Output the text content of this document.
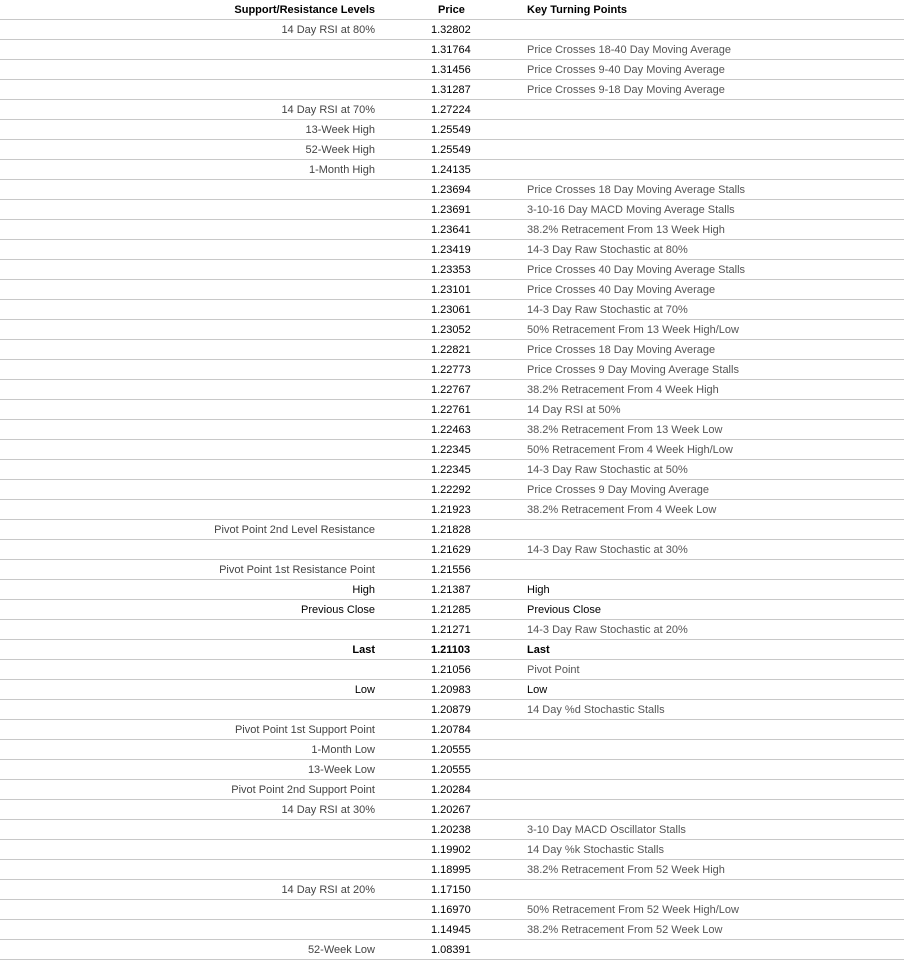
Support/Resistance Levels	Price	Key Turning Points
14 Day RSI at 80%	1.32802	
	1.31764	Price Crosses 18-40 Day Moving Average
	1.31456	Price Crosses 9-40 Day Moving Average
	1.31287	Price Crosses 9-18 Day Moving Average
14 Day RSI at 70%	1.27224	
13-Week High	1.25549	
52-Week High	1.25549	
1-Month High	1.24135	
	1.23694	Price Crosses 18 Day Moving Average Stalls
	1.23691	3-10-16 Day MACD Moving Average Stalls
	1.23641	38.2% Retracement From 13 Week High
	1.23419	14-3 Day Raw Stochastic at 80%
	1.23353	Price Crosses 40 Day Moving Average Stalls
	1.23101	Price Crosses 40 Day Moving Average
	1.23061	14-3 Day Raw Stochastic at 70%
	1.23052	50% Retracement From 13 Week High/Low
	1.22821	Price Crosses 18 Day Moving Average
	1.22773	Price Crosses 9 Day Moving Average Stalls
	1.22767	38.2% Retracement From 4 Week High
	1.22761	14 Day RSI at 50%
	1.22463	38.2% Retracement From 13 Week Low
	1.22345	50% Retracement From 4 Week High/Low
	1.22345	14-3 Day Raw Stochastic at 50%
	1.22292	Price Crosses 9 Day Moving Average
	1.21923	38.2% Retracement From 4 Week Low
Pivot Point 2nd Level Resistance	1.21828	
	1.21629	14-3 Day Raw Stochastic at 30%
Pivot Point 1st Resistance Point	1.21556	
High	1.21387	High
Previous Close	1.21285	Previous Close
	1.21271	14-3 Day Raw Stochastic at 20%
Last	1.21103	Last
	1.21056	Pivot Point
Low	1.20983	Low
	1.20879	14 Day %d Stochastic Stalls
Pivot Point 1st Support Point	1.20784	
1-Month Low	1.20555	
13-Week Low	1.20555	
Pivot Point 2nd Support Point	1.20284	
14 Day RSI at 30%	1.20267	
	1.20238	3-10 Day MACD Oscillator Stalls
	1.19902	14 Day %k Stochastic Stalls
	1.18995	38.2% Retracement From 52 Week High
14 Day RSI at 20%	1.17150	
	1.16970	50% Retracement From 52 Week High/Low
	1.14945	38.2% Retracement From 52 Week Low
52-Week Low	1.08391	
